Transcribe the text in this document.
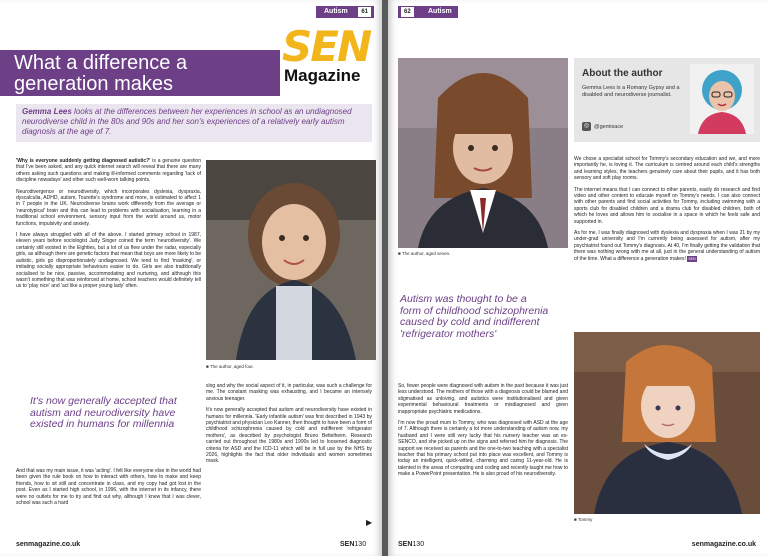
Autism	61
SEN
Magazine
What a difference a
generation makes
Gemma Lees looks at the differences between her experiences in school as an undiagnosed neurodiverse child in the 80s and 90s and her son's experiences of a relatively early autism diagnosis at the age of 7.

'Why is everyone suddenly getting diagnosed autistic?' is a genuine question that I've been asked, and any quick internet search will reveal that there are many others asking such questions and making ill-informed comments regarding 'lack of discipline nowadays' and other such well-worn talking points.

Neurodivergence or neurodiversity, which incorporates dyslexia, dyspraxia, dyscalculia, ADHD, autism, Tourette's syndrome and more, is estimated to affect 1 in 7 people in the UK. Neurodiverse brains work differently from the average or 'neurotypical' brain and this can lead to problems with socialisation, learning in a traditional school environment, sensory input from the world around us, motor functions, impulsivity and anxiety.

I have always struggled with all of the above. I started primary school in 1987, eleven years before sociologist Judy Singer coined the term 'neurodiversity'. We certainly still existed in the Eighties, but a lot of us flew under the radar, especially girls, as although there are genetic factors that mean that boys are more likely to be autistic, girls go disproportionately undiagnosed. We tend to find 'masking', or imitating socially appropriate behaviours easier to do. Girls are also traditionally socialised to be nice, passive, accommodating and nurturing, and although this wasn't something that was reinforced at home, school teachers would definitely tell us to 'play nice' and 'act like a proper young lady' often.

■ The author, aged four.
It's now generally accepted that autism and neurodiversity have existed in humans for millennia

And that was my main issue, it was 'acting'. I felt like everyone else in the world had been given the rule book on how to interact with others, how to make and keep friends, how to sit still and concentrate in class, and my copy had got lost in the post. Even as I started high school, in 1996, with the internet in its infancy, there were no outlets for me to try and find out why, although I knew that I was clever, school was such a hard

slog and why the social aspect of it, in particular, was such a challenge for me. The constant masking was exhausting, and I became an intensely anxious teenager.

It's now generally accepted that autism and neurodiversity have existed in humans for millennia. 'Early infantile autism' was first described in 1943 by psychiatrist and physician Leo Kanner, then thought to have been a form of childhood schizophrenia caused by cold and indifferent 'refrigerator mothers', as described by psychologist Bruno Bettelheim. Research carried out throughout the 1980s and 1990s led to loosened diagnostic criteria for ASD and the ICD-11 which will be in full use by the NHS by 2026, highlights the fact that older individuals and women sometimes mask.

▶
senmagazine.co.uk	SEN130
62	Autism
■ The author, aged seven.
About the author
Gemma Lees is a Romany Gypsy and a disabled and neurodiverse journalist.
◎ @gemisace

We chose a specialist school for Tommy's secondary education and we, and more importantly he, is loving it. The curriculum is centred around each child's strengths and learning styles, the teachers genuinely care about their pupils, and it has both sensory and soft play rooms.

The internet means that I can connect to other parents, easily do research and find video and other content to educate myself on Tommy's needs. I can also connect with other parents and find social activities for Tommy, including swimming with a sports club for disabled children and a drama club for disabled children, both of which he loves and allows him to socialise in a space in which he feels safe and supported in.

As for me, I was finally diagnosed with dyslexia and dyspraxia when I was 21 by my under-grad university and I'm currently being assessed for autism, after my psychiatrist found out Tommy's diagnosis. At 40, I'm finally getting the validation that there was nothing wrong with me at all, just in the general understanding of autism of the time. What a difference a generation makes! SEN

Autism was thought to be a form of childhood schizophrenia caused by cold and indifferent 'refrigerator mothers'

So, fewer people were diagnosed with autism in the past because it was just less understood. The mothers of those with a diagnosis could be blamed and stigmatised as unloving, and autistics were institutionalised and given experimental behavioural treatments or misdiagnosed and given inappropriate psychiatric medications.

I'm now the proud mum to Tommy, who was diagnosed with ASD at the age of 7. Although there is certainly a lot more understanding of autism now, my husband and I were still very lucky that his nursery teacher was an ex-SENCO, and she picked up on the signs and referred him for diagnosis. The support we received as parents and the one-to-two teaching with a specialist teacher that his primary school put into place was excellent, and Tommy is today an intelligent, quick-witted, charming and caring 11-year-old. He is talented in the areas of computing and coding and recently taught me how to make a PowerPoint presentation. He is also proud of his neurodiversity.

■ Tommy
SEN130	senmagazine.co.uk
